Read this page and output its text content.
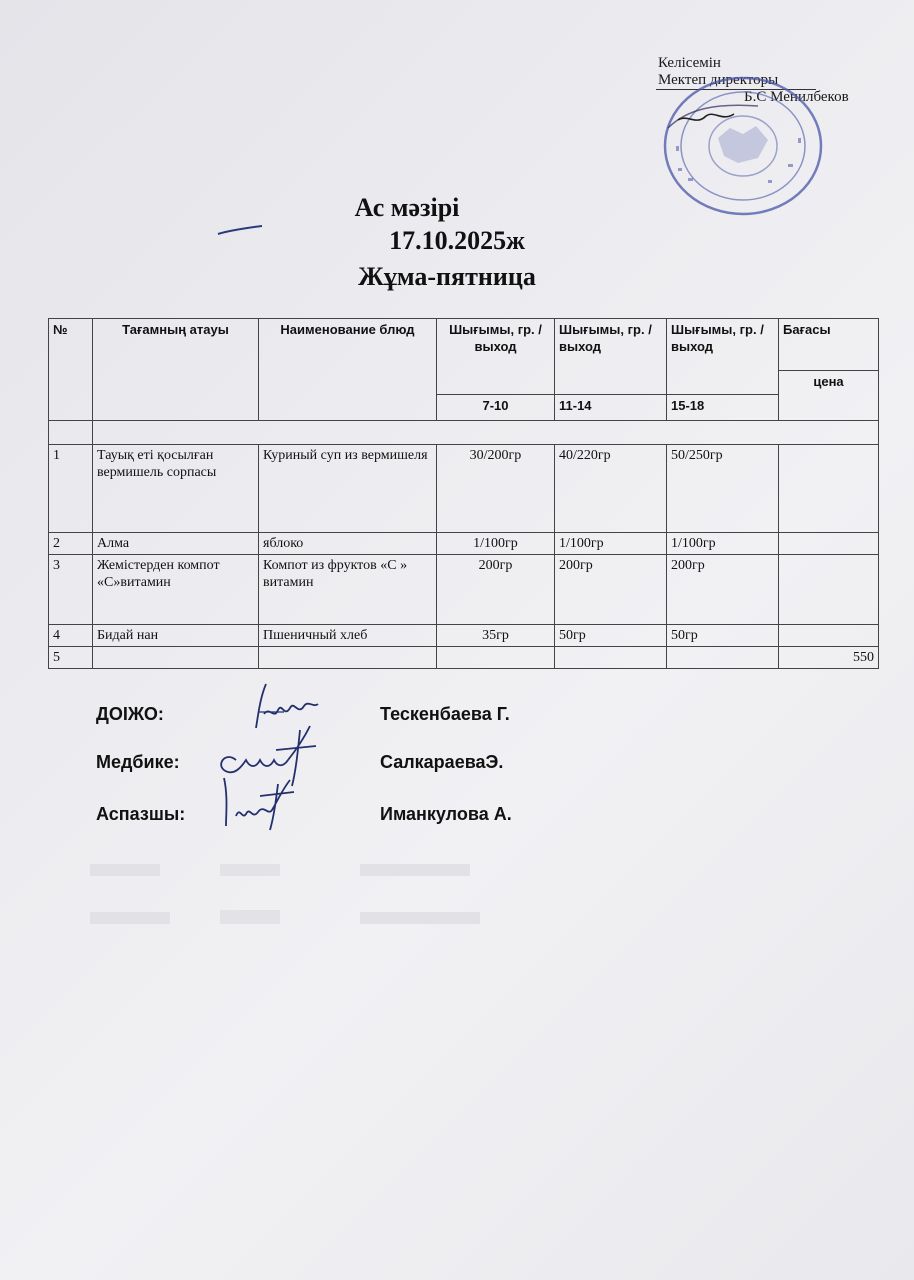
Келісемін
Мектеп директоры
Б.С Менилбеков
Ас мәзірі
17.10.2025ж
Жұма-пятница
№	Тағамның атауы	Наименование блюд	Шығымы, гр. / выход	Шығымы, гр. / выход	Шығымы, гр. / выход	Бағасы
						цена
			7-10	11-14	15-18	

1	Тауық еті қосылған вермишель сорпасы	Куриный суп из вермишеля	30/200гр	40/220гр	50/250гр	
2	Алма	яблоко	1/100гр	1/100гр	1/100гр	
3	Жемістерден компот «С»витамин	Компот из фруктов «С » витамин	200гр	200гр	200гр	
4	Бидай нан	Пшеничный хлеб	35гр	50гр	50гр	
5						550
ДОІЖО:	Тескенбаева Г.
Медбике:	СалкараеваЭ.
Аспазшы:	Иманкулова А.
